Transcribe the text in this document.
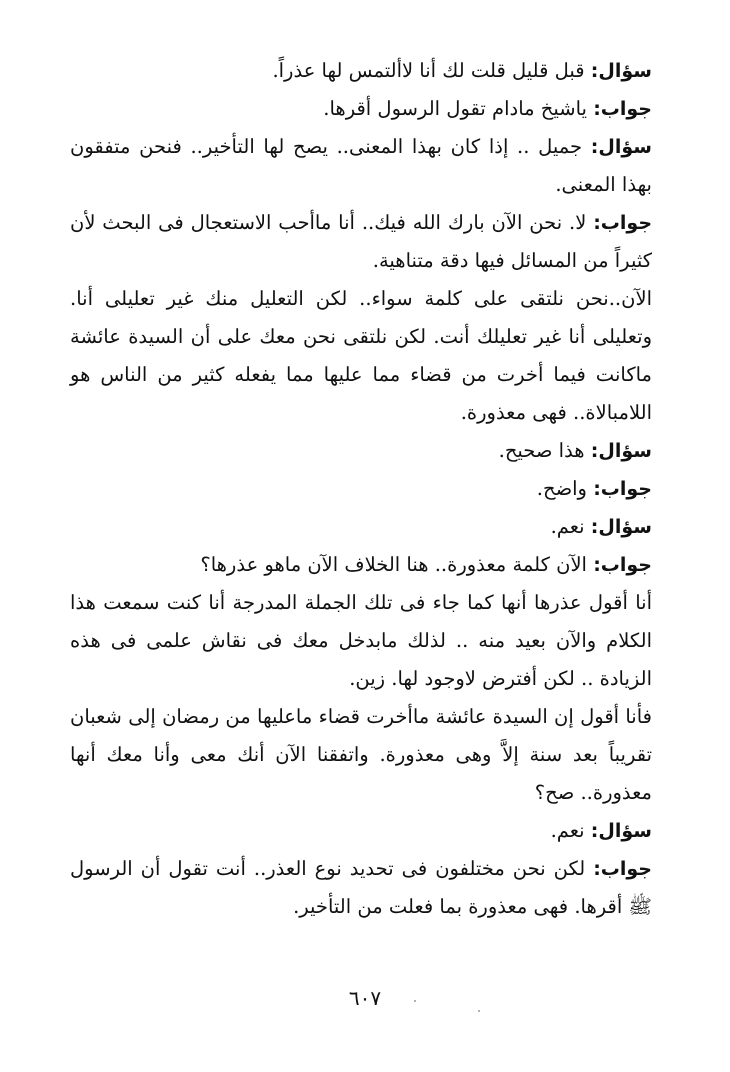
سؤال: قبل قليل قلت لك أنا لاألتمس لها عذراً.

جواب: ياشيخ مادام تقول الرسول أقرها.

سؤال: جميل .. إذا كان بهذا المعنى.. يصح لها التأخير.. فنحن متفقون بهذا المعنى.

جواب: لا. نحن الآن بارك الله فيك.. أنا ماأحب الاستعجال فى البحث لأن كثيراً من المسائل فيها دقة متناهية.

الآن..نحن نلتقى على كلمة سواء.. لكن التعليل منك غير تعليلى أنا. وتعليلى أنا غير تعليلك أنت. لكن نلتقى نحن معك على أن السيدة عائشة ماكانت فيما أخرت من قضاء مما عليها مما يفعله كثير من الناس هو اللامبالاة.. فهى معذورة.

سؤال: هذا صحيح.

جواب: واضح.

سؤال: نعم.

جواب: الآن كلمة معذورة.. هنا الخلاف الآن ماهو عذرها؟

أنا أقول عذرها أنها كما جاء فى تلك الجملة المدرجة أنا كنت سمعت هذا الكلام والآن بعيد منه .. لذلك مابدخل معك فى نقاش علمى فى هذه الزيادة .. لكن أفترض لاوجود لها. زين.

فأنا أقول إن السيدة عائشة ماأخرت قضاء ماعليها من رمضان إلى شعبان تقريباً بعد سنة إلاَّ وهى معذورة. واتفقنا الآن أنك معى وأنا معك أنها معذورة.. صح؟

سؤال: نعم.

جواب: لكن نحن مختلفون فى تحديد نوع العذر.. أنت تقول أن الرسول ﷺ أقرها. فهى معذورة بما فعلت من التأخير.

٦٠٧
